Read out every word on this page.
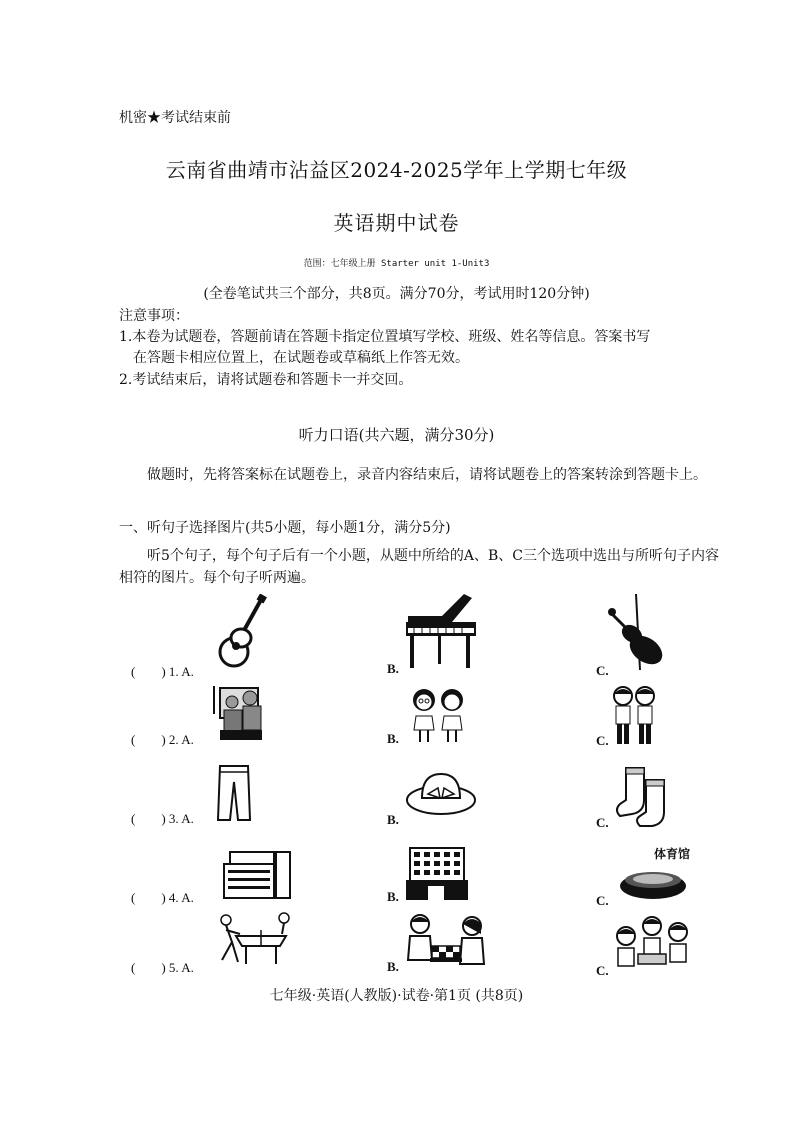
机密★考试结束前
云南省曲靖市沾益区2024-2025学年上学期七年级
英语期中试卷
范围：七年级上册 Starter unit 1-Unit3
(全卷笔试共三个部分，共8页。满分70分，考试用时120分钟)
注意事项：
1.本卷为试题卷，答题前请在答题卡指定位置填写学校、班级、姓名等信息。答案书写
在答题卡相应位置上，在试题卷或草稿纸上作答无效。
2.考试结束后，请将试题卷和答题卡一并交回。
听力口语(共六题，满分30分)
做题时，先将答案标在试题卷上，录音内容结束后，请将试题卷上的答案转涂到答题卡上。
一、听句子选择图片(共5小题，每小题1分，满分5分)
听5个句子，每个句子后有一个小题，从题中所给的A、B、C三个选项中选出与所听句子内容相符的图片。每个句子听两遍。
(　　) 1. A.	B.	C.
(　　) 2. A.	B.	C.
(　　) 3. A.	B.	C.
(　　) 4. A.	B.	C.
体育馆
(　　) 5. A.	B.	C.
七年级·英语(人教版)·试卷·第1页 (共8页)
